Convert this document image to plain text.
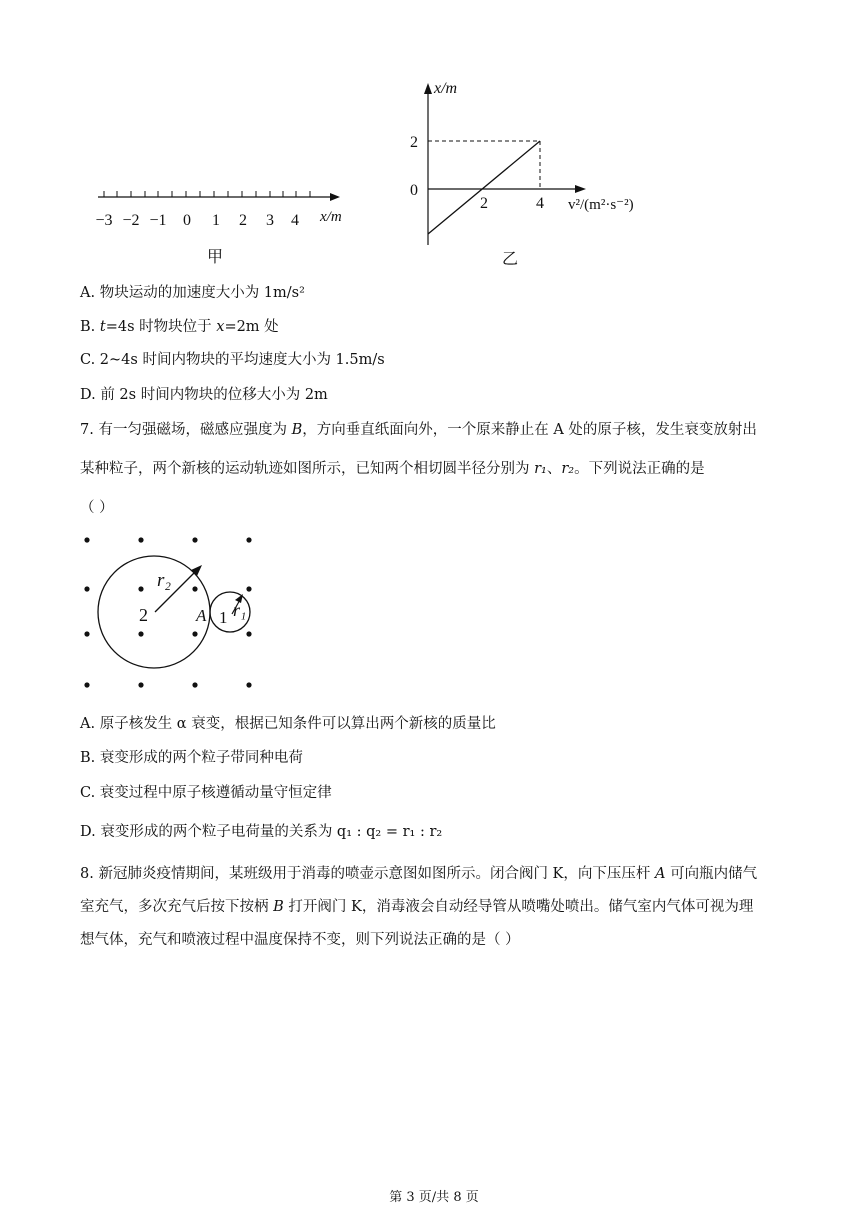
−3 −2 −1 0 1 2 3 4 x/m
甲
x/m
2
0
2	4 v²/(m²·s⁻²)
乙
A. 物块运动的加速度大小为 1m/s²
B. t=4s 时物块位于 x=2m 处
C. 2~4s 时间内物块的平均速度大小为 1.5m/s
D. 前 2s 时间内物块的位移大小为 2m
7. 有一匀强磁场，磁感应强度为 B，方向垂直纸面向外，一个原来静止在 A 处的原子核，发生衰变放射出
某种粒子，两个新核的运动轨迹如图所示，已知两个相切圆半径分别为 r₁、r₂。下列说法正确的是
（ ）
r₂
2	A 1 r₁
A. 原子核发生 α 衰变，根据已知条件可以算出两个新核的质量比
B. 衰变形成的两个粒子带同种电荷
C. 衰变过程中原子核遵循动量守恒定律
D. 衰变形成的两个粒子电荷量的关系为 q₁ : q₂ = r₁ : r₂
8. 新冠肺炎疫情期间，某班级用于消毒的喷壶示意图如图所示。闭合阀门 K，向下压压杆 A 可向瓶内储气
室充气，多次充气后按下按柄 B 打开阀门 K，消毒液会自动经导管从喷嘴处喷出。储气室内气体可视为理
想气体，充气和喷液过程中温度保持不变，则下列说法正确的是（ ）
第 3 页/共 8 页
